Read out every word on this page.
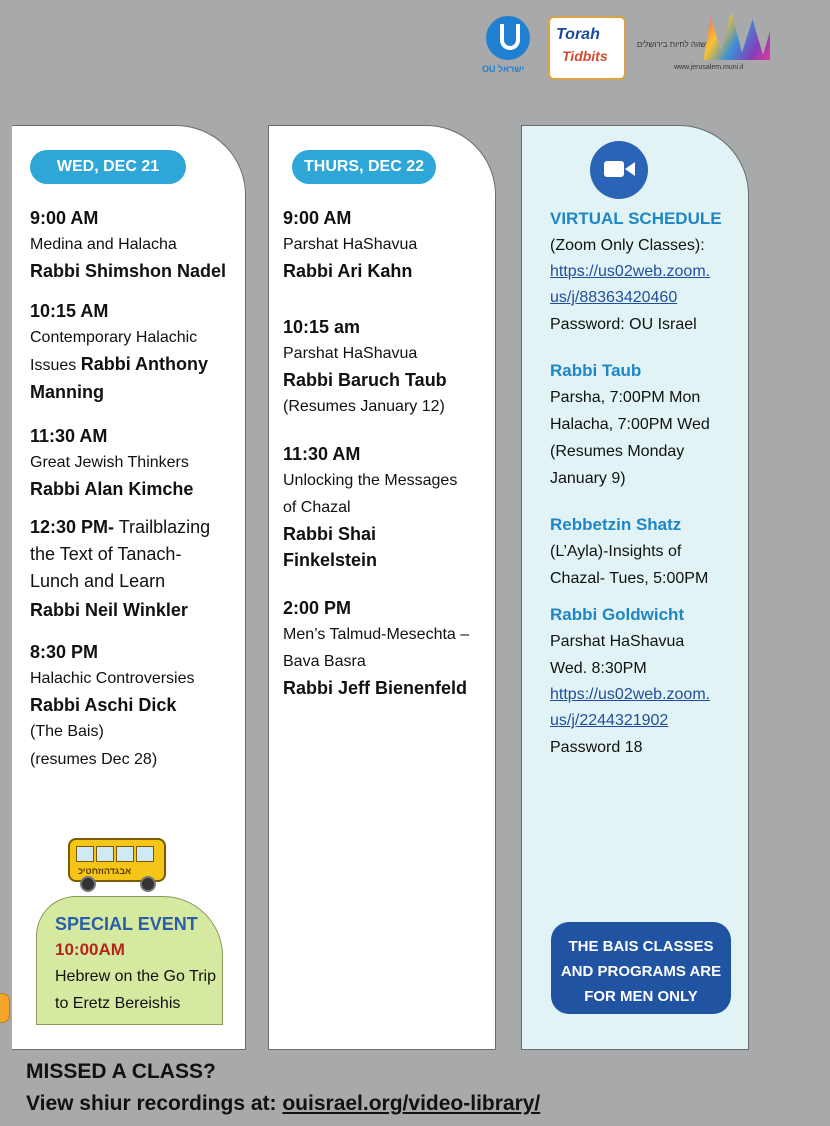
OU ישראל
Torah
Tidbits
שווה לחיות בירושלים
www.jerusalem.muni.il
WED, DEC 21	THURS, DEC 22
9:00 AM
Medina and Halacha
Rabbi Shimshon Nadel
10:15 AM
Contemporary Halachic Issues Rabbi Anthony Manning
11:30 AM
Great Jewish Thinkers
Rabbi Alan Kimche
12:30 PM- Trailblazing the Text of Tanach- Lunch and Learn
Rabbi Neil Winkler
8:30 PM
Halachic Controversies
Rabbi Aschi Dick
(The Bais)
(resumes Dec 28)
9:00 AM
Parshat HaShavua
Rabbi Ari Kahn
10:15 am
Parshat HaShavua
Rabbi Baruch Taub
(Resumes January 12)
11:30 AM
Unlocking the Messages of Chazal
Rabbi Shai Finkelstein
2:00 PM
Men’s Talmud-Mesechta – Bava Basra
Rabbi Jeff Bienenfeld
VIRTUAL SCHEDULE
(Zoom Only Classes):
https://us02web.zoom.
us/j/88363420460
Password: OU Israel
Rabbi Taub
Parsha, 7:00PM Mon
Halacha, 7:00PM Wed
(Resumes Monday
January 9)
Rebbetzin Shatz
(L’Ayla)-Insights of
Chazal- Tues, 5:00PM
Rabbi Goldwicht
Parshat HaShavua
Wed. 8:30PM
https://us02web.zoom.
us/j/2244321902
Password 18
THE BAIS CLASSES
AND PROGRAMS ARE
FOR MEN ONLY
SPECIAL EVENT
10:00AM
Hebrew on the Go Trip to Eretz Bereishis
אבגדהוזחטיכ
MISSED A CLASS?
View shiur recordings at: ouisrael.org/video-library/
